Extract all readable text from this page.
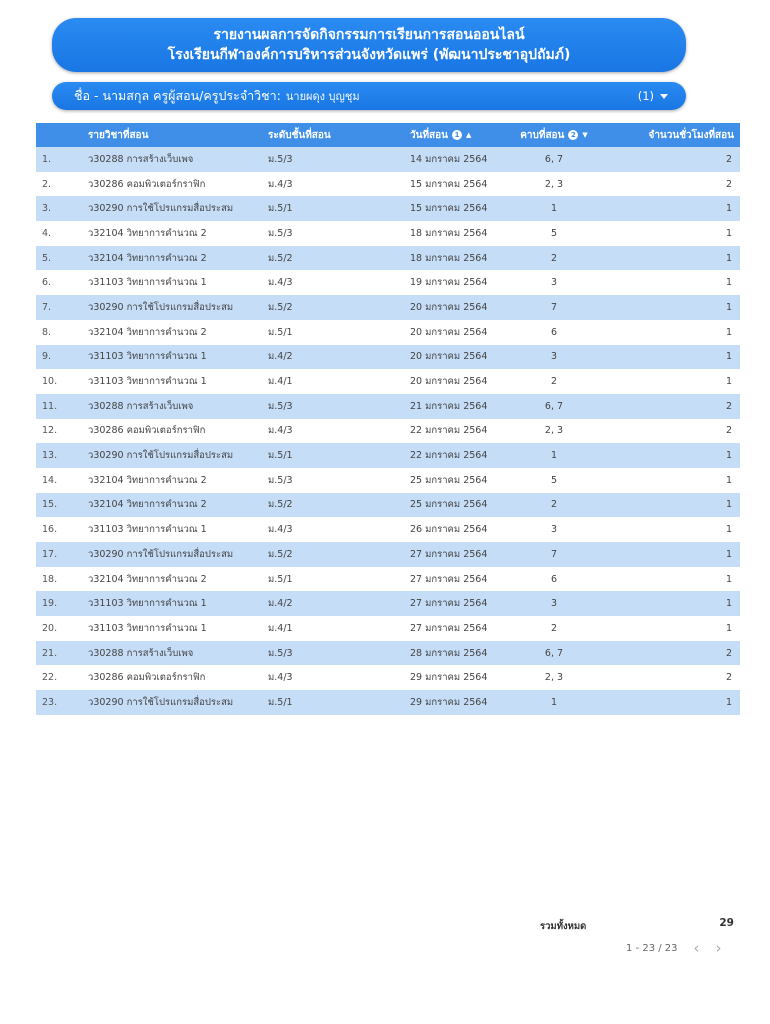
รายงานผลการจัดกิจกรรมการเรียนการสอนออนไลน์
โรงเรียนกีฬาองค์การบริหารส่วนจังหวัดแพร่ (พัฒนาประชาอุปถัมภ์)
ชื่อ - นามสกุล ครูผู้สอน/ครูประจำวิชา: นายผดุง บุญชุม	(1)
	รายวิชาที่สอน	ระดับชั้นที่สอน	วันที่สอน 1 ▲	คาบที่สอน 2 ▼	จำนวนชั่วโมงที่สอน
1.	ว30288 การสร้างเว็บเพจ	ม.5/3	14 มกราคม 2564	6, 7	2
2.	ว30286 คอมพิวเตอร์กราฟิก	ม.4/3	15 มกราคม 2564	2, 3	2
3.	ว30290 การใช้โปรแกรมสื่อประสม	ม.5/1	15 มกราคม 2564	1	1
4.	ว32104 วิทยาการคำนวณ 2	ม.5/3	18 มกราคม 2564	5	1
5.	ว32104 วิทยาการคำนวณ 2	ม.5/2	18 มกราคม 2564	2	1
6.	ว31103 วิทยาการคำนวณ 1	ม.4/3	19 มกราคม 2564	3	1
7.	ว30290 การใช้โปรแกรมสื่อประสม	ม.5/2	20 มกราคม 2564	7	1
8.	ว32104 วิทยาการคำนวณ 2	ม.5/1	20 มกราคม 2564	6	1
9.	ว31103 วิทยาการคำนวณ 1	ม.4/2	20 มกราคม 2564	3	1
10.	ว31103 วิทยาการคำนวณ 1	ม.4/1	20 มกราคม 2564	2	1
11.	ว30288 การสร้างเว็บเพจ	ม.5/3	21 มกราคม 2564	6, 7	2
12.	ว30286 คอมพิวเตอร์กราฟิก	ม.4/3	22 มกราคม 2564	2, 3	2
13.	ว30290 การใช้โปรแกรมสื่อประสม	ม.5/1	22 มกราคม 2564	1	1
14.	ว32104 วิทยาการคำนวณ 2	ม.5/3	25 มกราคม 2564	5	1
15.	ว32104 วิทยาการคำนวณ 2	ม.5/2	25 มกราคม 2564	2	1
16.	ว31103 วิทยาการคำนวณ 1	ม.4/3	26 มกราคม 2564	3	1
17.	ว30290 การใช้โปรแกรมสื่อประสม	ม.5/2	27 มกราคม 2564	7	1
18.	ว32104 วิทยาการคำนวณ 2	ม.5/1	27 มกราคม 2564	6	1
19.	ว31103 วิทยาการคำนวณ 1	ม.4/2	27 มกราคม 2564	3	1
20.	ว31103 วิทยาการคำนวณ 1	ม.4/1	27 มกราคม 2564	2	1
21.	ว30288 การสร้างเว็บเพจ	ม.5/3	28 มกราคม 2564	6, 7	2
22.	ว30286 คอมพิวเตอร์กราฟิก	ม.4/3	29 มกราคม 2564	2, 3	2
23.	ว30290 การใช้โปรแกรมสื่อประสม	ม.5/1	29 มกราคม 2564	1	1
รวมทั้งหมด	29
1 - 23 / 23 ‹ ›
